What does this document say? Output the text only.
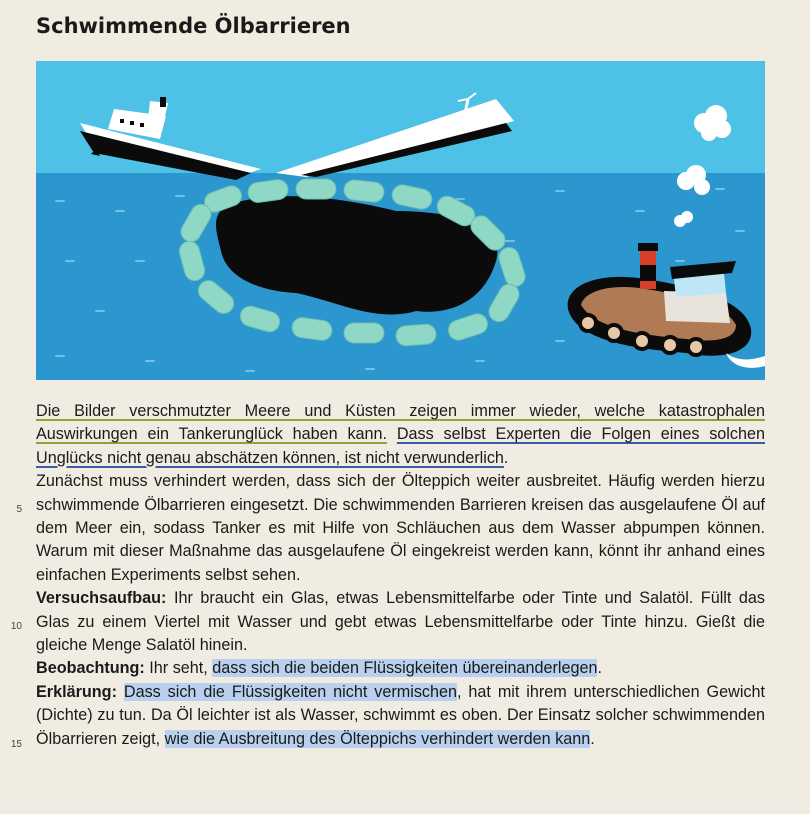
Schwimmende Ölbarrieren

Die Bilder verschmutzter Meere und Küsten zeigen immer wieder, welche katastrophalen Auswirkungen ein Tankerunglück haben kann. Dass selbst Experten die Folgen eines solchen Unglücks nicht genau abschätzen können, ist nicht verwunderlich.

5
Zunächst muss verhindert werden, dass sich der Ölteppich weiter ausbreitet. Häufig werden hierzu schwimmende Ölbarrieren eingesetzt. Die schwimmenden Barrieren kreisen das ausgelaufene Öl auf dem Meer ein, sodass Tanker es mit Hilfe von Schläuchen aus dem Wasser abpumpen können. Warum mit dieser Maßnahme das ausgelaufene Öl eingekreist werden kann, könnt ihr anhand eines einfachen Experiments selbst sehen.

10
Versuchsaufbau: Ihr braucht ein Glas, etwas Lebensmittelfarbe oder Tinte und Salatöl. Füllt das Glas zu einem Viertel mit Wasser und gebt etwas Lebensmittelfarbe oder Tinte hinzu. Gießt die gleiche Menge Salatöl hinein.

Beobachtung: Ihr seht, dass sich die beiden Flüssigkeiten übereinanderlegen.

15
Erklärung: Dass sich die Flüssigkeiten nicht vermischen, hat mit ihrem unterschiedlichen Gewicht (Dichte) zu tun. Da Öl leichter ist als Wasser, schwimmt es oben. Der Einsatz solcher schwimmenden Ölbarrieren zeigt, wie die Ausbreitung des Ölteppichs verhindert werden kann.
